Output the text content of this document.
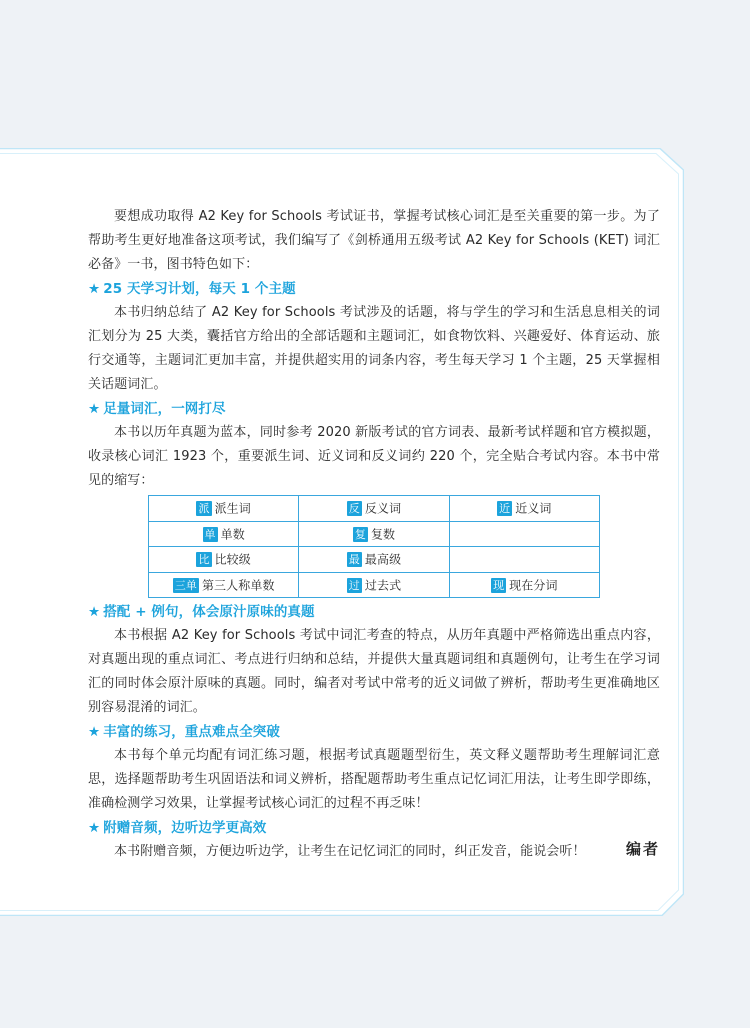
要想成功取得 A2 Key for Schools 考试证书，掌握考试核心词汇是至关重要的第一步。为了帮助考生更好地准备这项考试，我们编写了《剑桥通用五级考试 A2 Key for Schools (KET) 词汇必备》一书，图书特色如下：

★ 25 天学习计划，每天 1 个主题

本书归纳总结了 A2 Key for Schools 考试涉及的话题，将与学生的学习和生活息息相关的词汇划分为 25 大类，囊括官方给出的全部话题和主题词汇，如食物饮料、兴趣爱好、体育运动、旅行交通等，主题词汇更加丰富，并提供超实用的词条内容，考生每天学习 1 个主题，25 天掌握相关话题词汇。

★ 足量词汇，一网打尽

本书以历年真题为蓝本，同时参考 2020 新版考试的官方词表、最新考试样题和官方模拟题，收录核心词汇 1923 个，重要派生词、近义词和反义词约 220 个，完全贴合考试内容。本书中常见的缩写：

派 派生词	反 反义词	近 近义词
单 单数	复 复数	
比 比较级	最 最高级	
三单 第三人称单数	过 过去式	现 现在分词
★ 搭配 + 例句，体会原汁原味的真题

本书根据 A2 Key for Schools 考试中词汇考查的特点，从历年真题中严格筛选出重点内容，对真题出现的重点词汇、考点进行归纳和总结，并提供大量真题词组和真题例句，让考生在学习词汇的同时体会原汁原味的真题。同时，编者对考试中常考的近义词做了辨析，帮助考生更准确地区别容易混淆的词汇。

★ 丰富的练习，重点难点全突破

本书每个单元均配有词汇练习题，根据考试真题题型衍生，英文释义题帮助考生理解词汇意思，选择题帮助考生巩固语法和词义辨析，搭配题帮助考生重点记忆词汇用法，让考生即学即练，准确检测学习效果，让掌握考试核心词汇的过程不再乏味！

★ 附赠音频，边听边学更高效

本书附赠音频，方便边听边学，让考生在记忆词汇的同时，纠正发音，能说会听！	编者
